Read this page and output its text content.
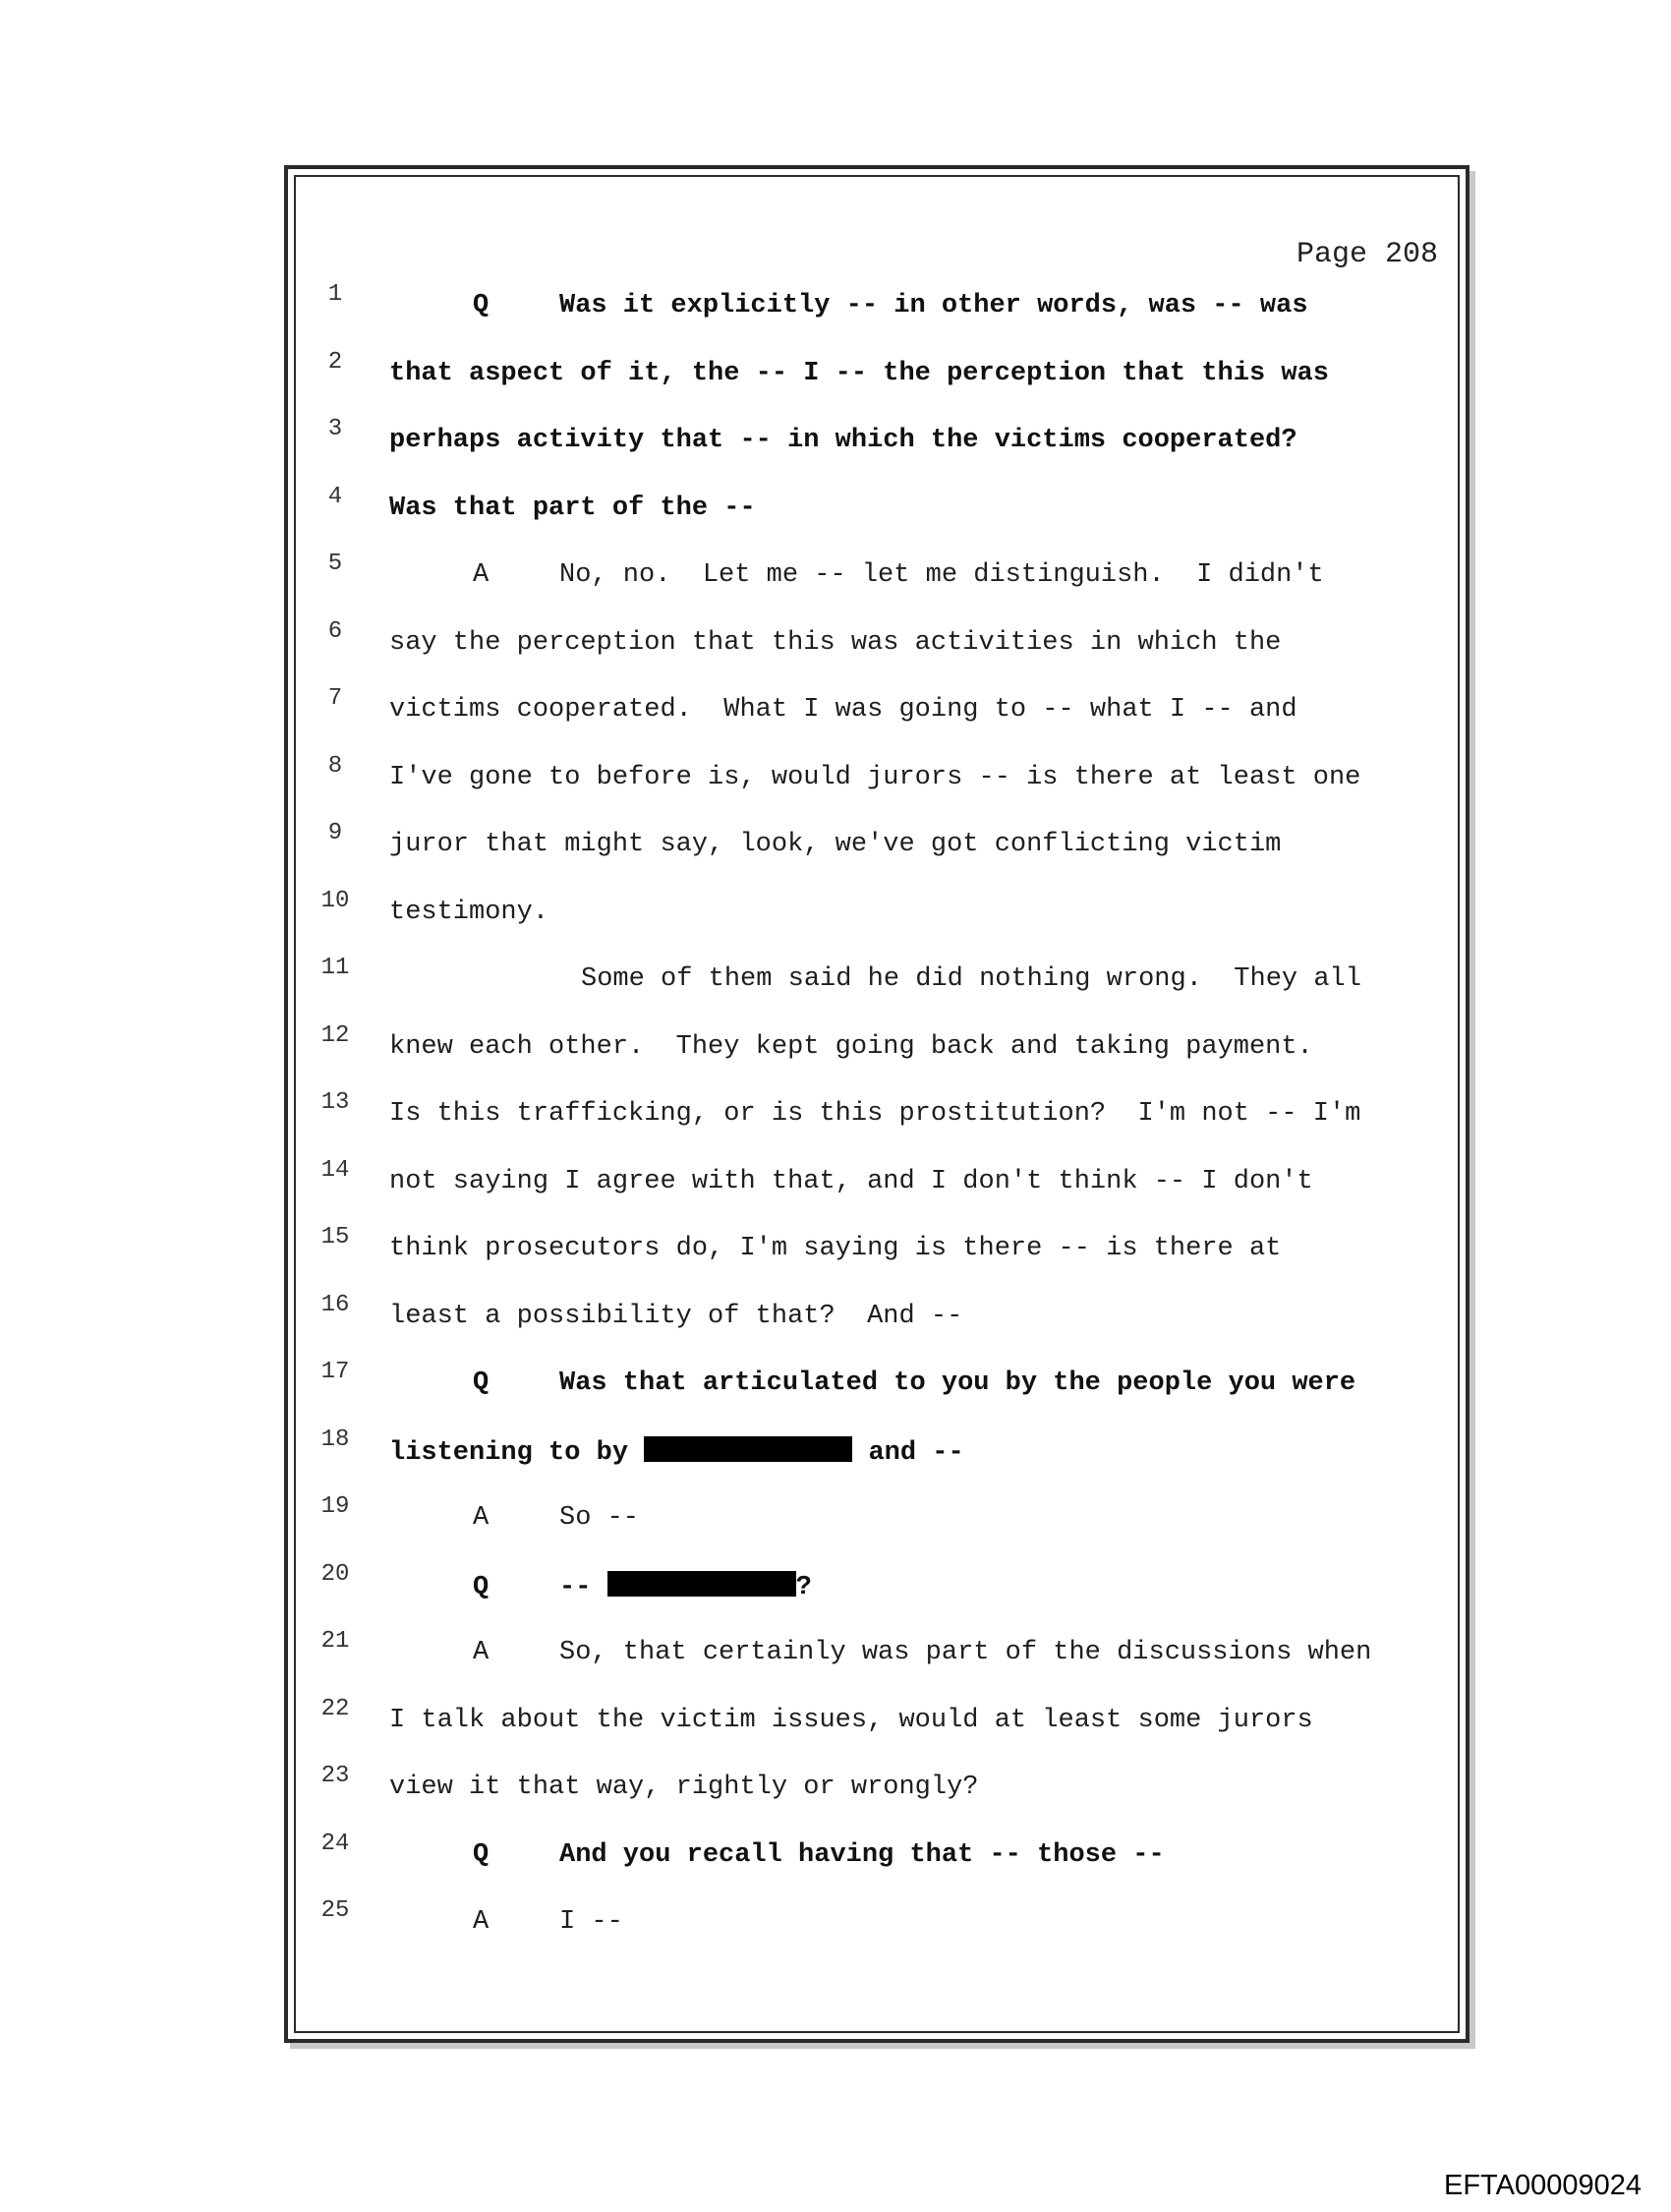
Page 208
1	Q	Was it explicitly -- in other words, was -- was
2	that aspect of it, the -- I -- the perception that this was
3	perhaps activity that -- in which the victims cooperated?
4	Was that part of the --
5	A	No, no.  Let me -- let me distinguish.  I didn't
6	say the perception that this was activities in which the
7	victims cooperated.  What I was going to -- what I -- and
8	I've gone to before is, would jurors -- is there at least one
9	juror that might say, look, we've got conflicting victim
10 testimony.
11	Some of them said he did nothing wrong.  They all
12 knew each other.  They kept going back and taking payment.
13 Is this trafficking, or is this prostitution?  I'm not -- I'm
14 not saying I agree with that, and I don't think -- I don't
15 think prosecutors do, I'm saying is there -- is there at
16 least a possibility of that?  And --
17	Q	Was that articulated to you by the people you were
18 listening to by	and --
19	A	So --
20	Q	--	?
21	A	So, that certainly was part of the discussions when
22 I talk about the victim issues, would at least some jurors
23 view it that way, rightly or wrongly?
24	Q	And you recall having that -- those --
25	A	I --
EFTA00009024
